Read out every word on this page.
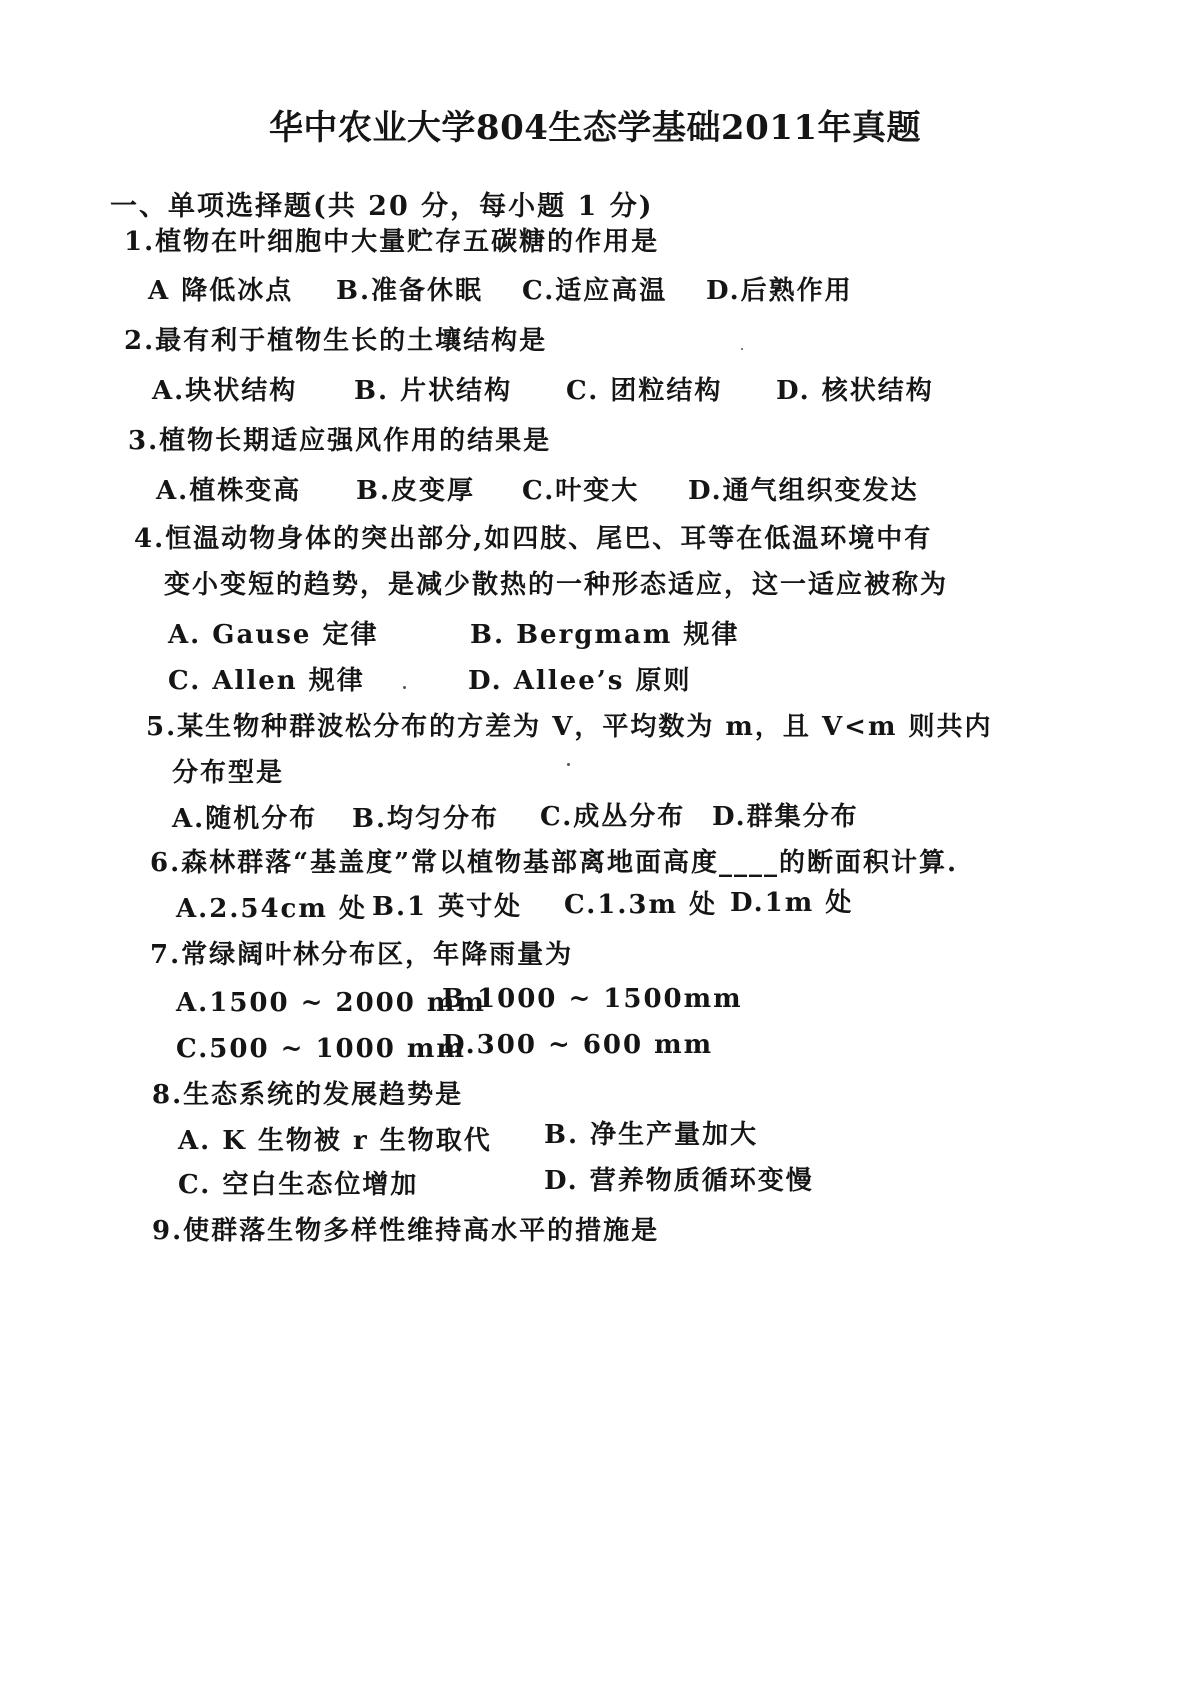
华中农业大学804生态学基础2011年真题
一、单项选择题(共 20 分，每小题 1 分)
1.植物在叶细胞中大量贮存五碳糖的作用是
A 降低冰点 B.准备休眠 C.适应高温 D.后熟作用
2.最有利于植物生长的土壤结构是
A.块状结构 B. 片状结构 C. 团粒结构 D. 核状结构
3.植物长期适应强风作用的结果是
A.植株变高 B.皮变厚 C.叶变大 D.通气组织变发达
4.恒温动物身体的突出部分,如四肢、尾巴、耳等在低温环境中有
变小变短的趋势，是减少散热的一种形态适应，这一适应被称为
A. Gause 定律	B. Bergmam 规律
C. Allen 规律	D. Allee’s 原则
5.某生物种群波松分布的方差为 V，平均数为 m，且 V<m 则共内
分布型是
A.随机分布 B.均匀分布 C.成丛分布 D.群集分布
6.森林群落“基盖度”常以植物基部离地面高度____的断面积计算.
A.2.54cm 处 B.1 英寸处 C.1.3m 处 D.1m 处
7.常绿阔叶林分布区，年降雨量为
A.1500 ~ 2000 mm
B.1000 ~ 1500mm
C.500 ~ 1000 mm
D.300 ~ 600 mm
8.生态系统的发展趋势是
A. K 生物被 r 生物取代 B. 净生产量加大
C. 空白生态位增加	D. 营养物质循环变慢
9.使群落生物多样性维持高水平的措施是
